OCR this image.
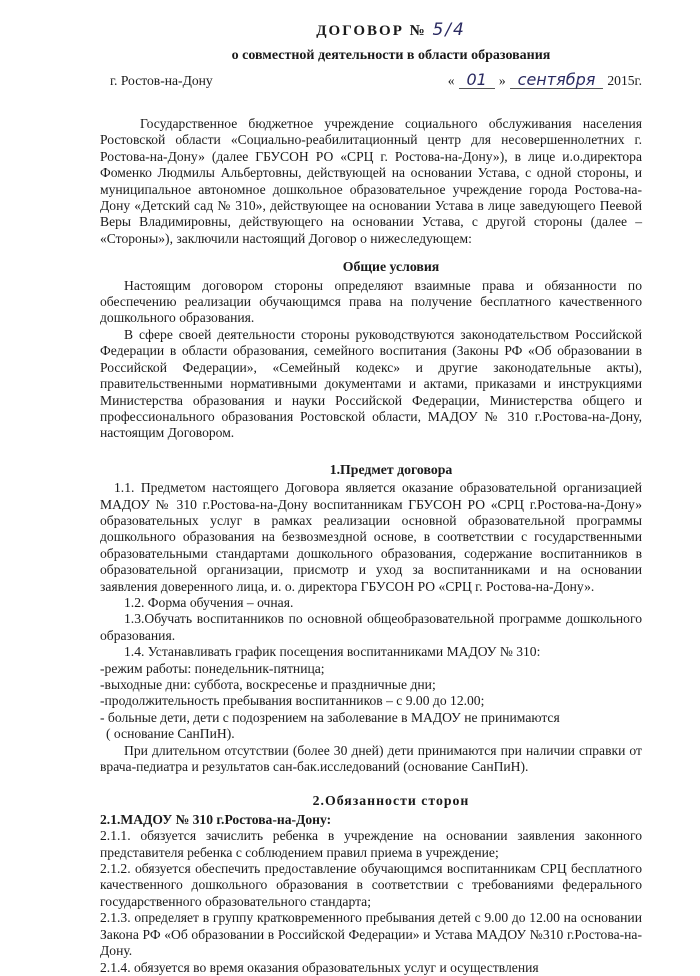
ДОГОВОР № 5/4
о совместной деятельности в области образования
г. Ростов-на-Дону	« 01 » сентября 2015г.

Государственное бюджетное учреждение социального обслуживания населения Ростовской области «Социально-реабилитационный центр для несовершеннолетних г. Ростова-на-Дону» (далее ГБУСОН РО «СРЦ г. Ростова-на-Дону»), в лице и.о.директора Фоменко Людмилы Альбертовны, действующей на основании Устава, с одной стороны, и муниципальное автономное дошкольное образовательное учреждение города Ростова-на-Дону «Детский сад № 310», действующее на основании Устава в лице заведующего Пеевой Веры Владимировны, действующего на основании Устава, с другой стороны (далее – «Стороны»), заключили настоящий Договор о нижеследующем:

Общие условия

Настоящим договором стороны определяют взаимные права и обязанности по обеспечению реализации обучающимся права на получение бесплатного качественного дошкольного образования.

В сфере своей деятельности стороны руководствуются законодательством Российской Федерации в области образования, семейного воспитания (Законы РФ «Об образовании в Российской Федерации», «Семейный кодекс» и другие законодательные акты), правительственными нормативными документами и актами, приказами и инструкциями Министерства образования и науки Российской Федерации, Министерства общего и профессионального образования Ростовской области, МАДОУ № 310 г.Ростова-на-Дону, настоящим Договором.

1.Предмет договора

1.1. Предметом настоящего Договора является оказание образовательной организацией МАДОУ № 310 г.Ростова-на-Дону воспитанникам ГБУСОН РО «СРЦ г.Ростова-на-Дону» образовательных услуг в рамках реализации основной образовательной программы дошкольного образования на безвозмездной основе, в соответствии с государственными образовательными стандартами дошкольного образования, содержание воспитанников в образовательной организации, присмотр и уход за воспитанниками и на основании заявления доверенного лица, и. о. директора ГБУСОН РО «СРЦ г. Ростова-на-Дону».

1.2. Форма обучения – очная.

1.3.Обучать воспитанников по основной общеобразовательной программе дошкольного образования.

1.4. Устанавливать график посещения воспитанниками МАДОУ № 310:

-режим работы: понедельник-пятница;

-выходные дни: суббота, воскресенье и праздничные дни;

-продолжительность пребывания воспитанников – с 9.00 до 12.00;

- больные дети, дети с подозрением на заболевание в МАДОУ не принимаются

( основание СанПиН).

При длительном отсутствии (более 30 дней) дети принимаются при наличии справки от врача-педиатра и результатов сан-бак.исследований (основание СанПиН).

2.Обязанности сторон

2.1.МАДОУ № 310 г.Ростова-на-Дону:

2.1.1. обязуется зачислить ребенка в учреждение на основании заявления законного представителя ребенка с соблюдением правил приема в учреждение;

2.1.2. обязуется обеспечить предоставление обучающимся воспитанникам СРЦ бесплатного качественного дошкольного образования в соответствии с требованиями федерального государственного образовательного стандарта;

2.1.3. определяет в группу кратковременного пребывания детей с 9.00 до 12.00 на основании Закона РФ «Об образовании в Российской Федерации» и Устава МАДОУ №310 г.Ростова-на-Дону.

2.1.4. обязуется во время оказания образовательных услуг и осуществления
